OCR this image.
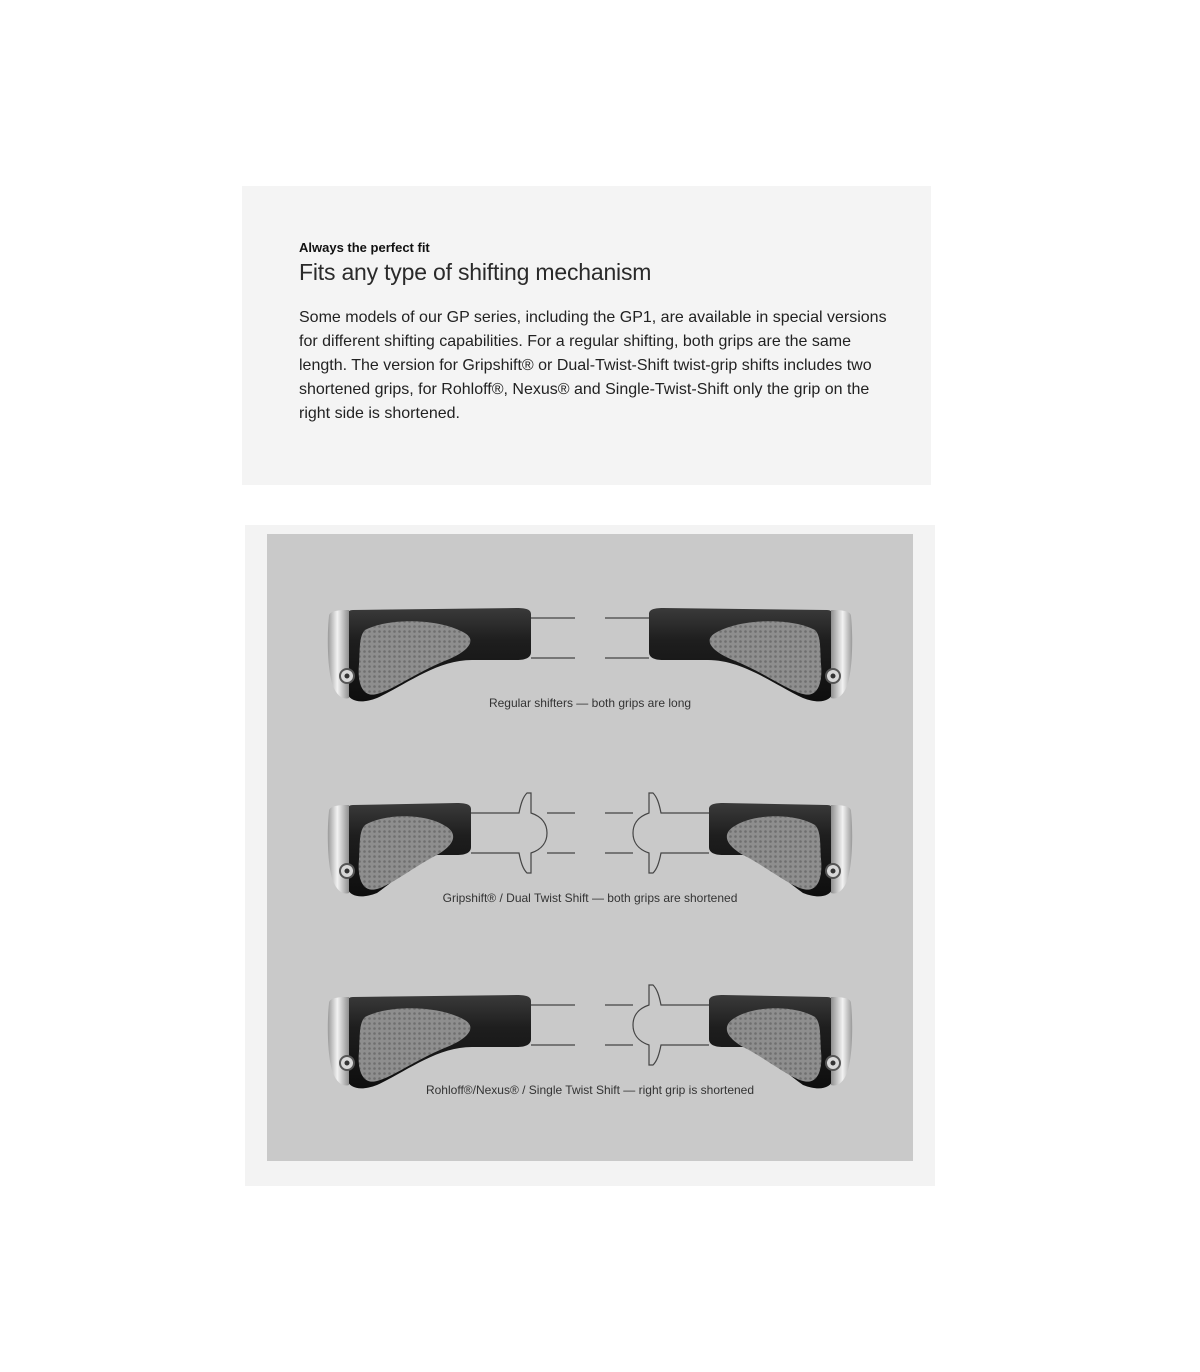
Always the perfect fit

Fits any type of shifting mechanism

Some models of our GP series, including the GP1, are available in special versions for different shifting capabilities. For a regular shifting, both grips are the same length. The version for Gripshift® or Dual-Twist-Shift twist-grip shifts includes two shortened grips, for Rohloff®, Nexus® and Single-Twist-Shift only the grip on the right side is shortened.

Regular shifters — both grips are long
Gripshift® / Dual Twist Shift — both grips are shortened
Rohloff®/Nexus® / Single Twist Shift — right grip is shortened
